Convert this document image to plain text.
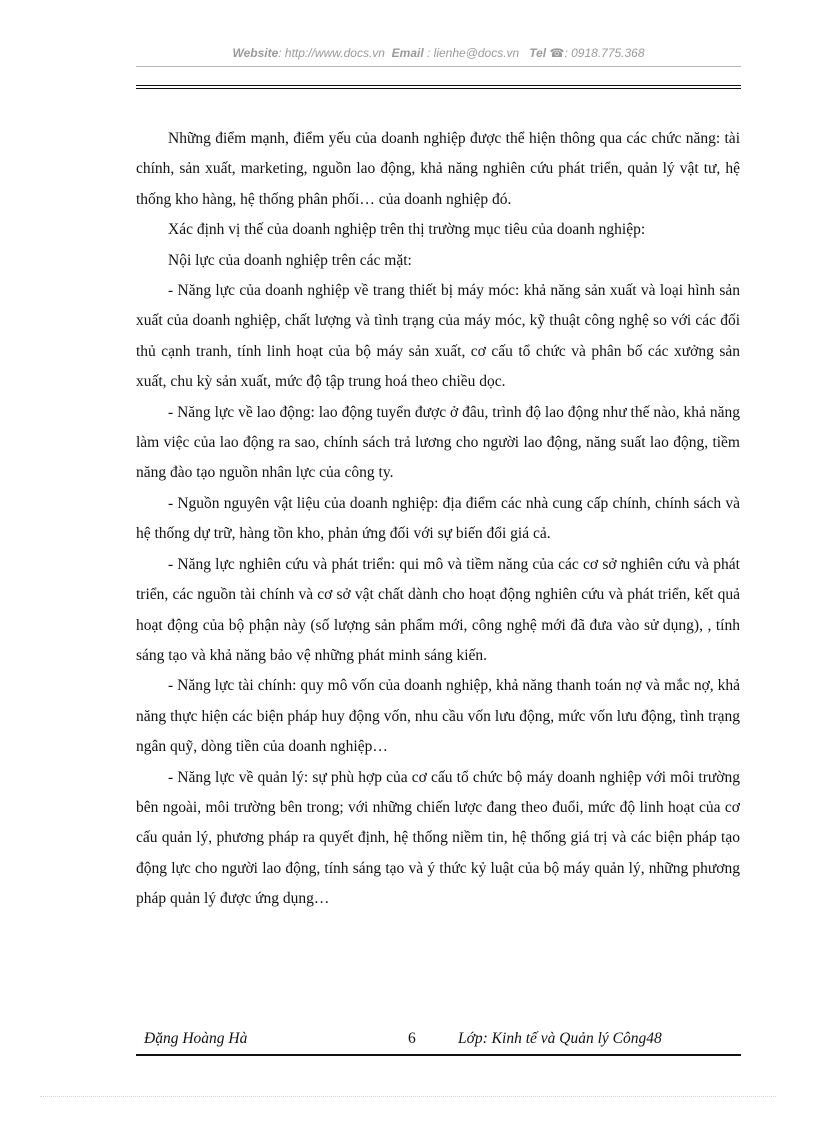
Website: http://www.docs.vn Email : lienhe@docs.vn Tel ☎: 0918.775.368

Những điểm mạnh, điểm yếu của doanh nghiệp được thể hiện thông qua các chức năng: tài chính, sản xuất, marketing, nguồn lao động, khả năng nghiên cứu phát triển, quản lý vật tư, hệ thống kho hàng, hệ thống phân phối… của doanh nghiệp đó.

Xác định vị thế của doanh nghiệp trên thị trường mục tiêu của doanh nghiệp:

Nội lực của doanh nghiệp trên các mặt:

- Năng lực của doanh nghiệp về trang thiết bị máy móc: khả năng sản xuất và loại hình sản xuất của doanh nghiệp, chất lượng và tình trạng của máy móc, kỹ thuật công nghệ so với các đối thủ cạnh tranh, tính linh hoạt của bộ máy sản xuất, cơ cấu tổ chức và phân bố các xưởng sản xuất, chu kỳ sản xuất, mức độ tập trung hoá theo chiều dọc.

- Năng lực về lao động: lao động tuyển được ở đâu, trình độ lao động như thế nào, khả năng làm việc của lao động ra sao, chính sách trả lương cho người lao động, năng suất lao động, tiềm năng đào tạo nguồn nhân lực của công ty.

- Nguồn nguyên vật liệu của doanh nghiệp: địa điểm các nhà cung cấp chính, chính sách và hệ thống dự trữ, hàng tồn kho, phản ứng đối với sự biến đổi giá cả.

- Năng lực nghiên cứu và phát triển: qui mô và tiềm năng của các cơ sở nghiên cứu và phát triển, các nguồn tài chính và cơ sở vật chất dành cho hoạt động nghiên cứu và phát triển, kết quả hoạt động của bộ phận này (số lượng sản phẩm mới, công nghệ mới đã đưa vào sử dụng), , tính sáng tạo và khả năng bảo vệ những phát minh sáng kiến.

- Năng lực tài chính: quy mô vốn của doanh nghiệp, khả năng thanh toán nợ và mắc nợ, khả năng thực hiện các biện pháp huy động vốn, nhu cầu vốn lưu động, mức vốn lưu động, tình trạng ngân quỹ, dòng tiền của doanh nghiệp…

- Năng lực về quản lý: sự phù hợp của cơ cấu tổ chức bộ máy doanh nghiệp với môi trường bên ngoài, môi trường bên trong; với những chiến lược đang theo đuổi, mức độ linh hoạt của cơ cấu quản lý, phương pháp ra quyết định, hệ thống niềm tin, hệ thống giá trị và các biện pháp tạo động lực cho người lao động, tính sáng tạo và ý thức kỷ luật của bộ máy quản lý, những phương pháp quản lý được ứng dụng…

Đặng Hoàng Hà	6	Lớp: Kinh tế và Quản lý Công48
